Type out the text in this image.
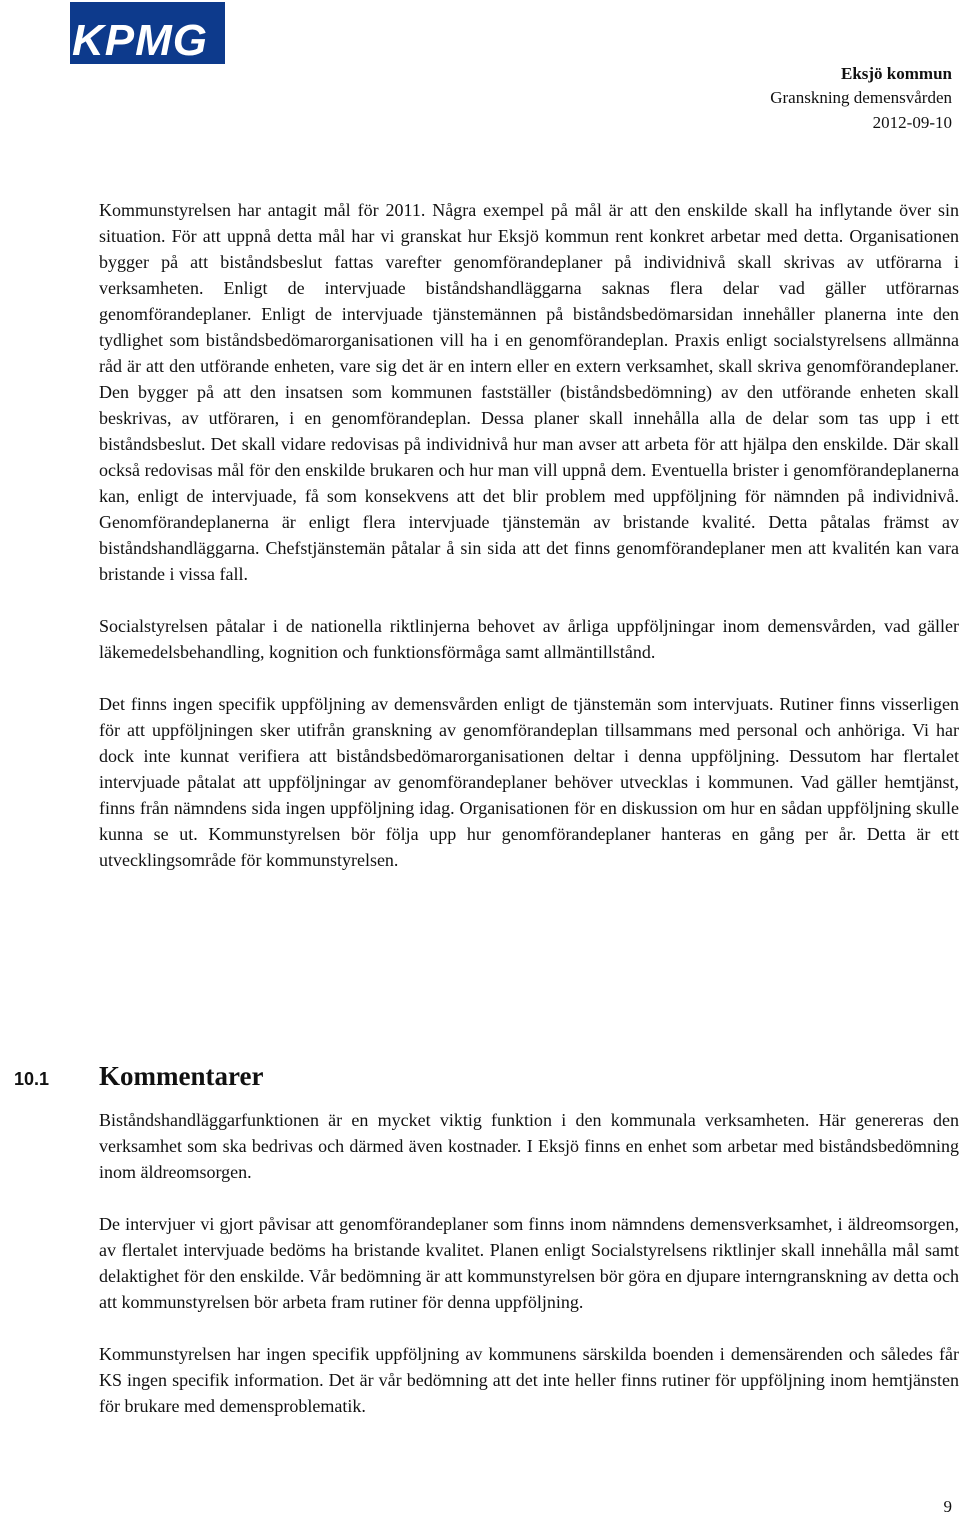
KPMG
Eksjö kommun
Granskning demensvården
2012-09-10

Kommunstyrelsen har antagit mål för 2011. Några exempel på mål är att den enskilde skall ha inflytande över sin situation. För att uppnå detta mål har vi granskat hur Eksjö kommun rent konkret arbetar med detta. Organisationen bygger på att biståndsbeslut fattas varefter genomförandeplaner på individnivå skall skrivas av utförarna i verksamheten. Enligt de intervjuade biståndshandläggarna saknas flera delar vad gäller utförarnas genomförandeplaner. Enligt de intervjuade tjänstemännen på biståndsbedömarsidan innehåller planerna inte den tydlighet som biståndsbedömarorganisationen vill ha i en genomförandeplan. Praxis enligt socialstyrelsens allmänna råd är att den utförande enheten, vare sig det är en intern eller en extern verksamhet, skall skriva genomförandeplaner. Den bygger på att den insatsen som kommunen fastställer (biståndsbedömning) av den utförande enheten skall beskrivas, av utföraren, i en genomförandeplan. Dessa planer skall innehålla alla de delar som tas upp i ett biståndsbeslut. Det skall vidare redovisas på individnivå hur man avser att arbeta för att hjälpa den enskilde. Där skall också redovisas mål för den enskilde brukaren och hur man vill uppnå dem. Eventuella brister i genomförandeplanerna kan, enligt de intervjuade, få som konsekvens att det blir problem med uppföljning för nämnden på individnivå. Genomförandeplanerna är enligt flera intervjuade tjänstemän av bristande kvalité. Detta påtalas främst av biståndshandläggarna. Chefstjänstemän påtalar å sin sida att det finns genomförandeplaner men att kvalitén kan vara bristande i vissa fall.

Socialstyrelsen påtalar i de nationella riktlinjerna behovet av årliga uppföljningar inom demensvården, vad gäller läkemedelsbehandling, kognition och funktionsförmåga samt allmäntillstånd.

Det finns ingen specifik uppföljning av demensvården enligt de tjänstemän som intervjuats. Rutiner finns visserligen för att uppföljningen sker utifrån granskning av genomförandeplan tillsammans med personal och anhöriga. Vi har dock inte kunnat verifiera att biståndsbedömarorganisationen deltar i denna uppföljning. Dessutom har flertalet intervjuade påtalat att uppföljningar av genomförandeplaner behöver utvecklas i kommunen. Vad gäller hemtjänst, finns från nämndens sida ingen uppföljning idag. Organisationen för en diskussion om hur en sådan uppföljning skulle kunna se ut. Kommunstyrelsen bör följa upp hur genomförandeplaner hanteras en gång per år. Detta är ett utvecklingsområde för kommunstyrelsen.

10.1 Kommentarer

Biståndshandläggarfunktionen är en mycket viktig funktion i den kommunala verksamheten. Här genereras den verksamhet som ska bedrivas och därmed även kostnader. I Eksjö finns en enhet som arbetar med biståndsbedömning inom äldreomsorgen.

De intervjuer vi gjort påvisar att genomförandeplaner som finns inom nämndens demensverksamhet, i äldreomsorgen, av flertalet intervjuade bedöms ha bristande kvalitet. Planen enligt Socialstyrelsens riktlinjer skall innehålla mål samt delaktighet för den enskilde. Vår bedömning är att kommunstyrelsen bör göra en djupare interngranskning av detta och att kommunstyrelsen bör arbeta fram rutiner för denna uppföljning.

Kommunstyrelsen har ingen specifik uppföljning av kommunens särskilda boenden i demensärenden och således får KS ingen specifik information. Det är vår bedömning att det inte heller finns rutiner för uppföljning inom hemtjänsten för brukare med demensproblematik.

9
